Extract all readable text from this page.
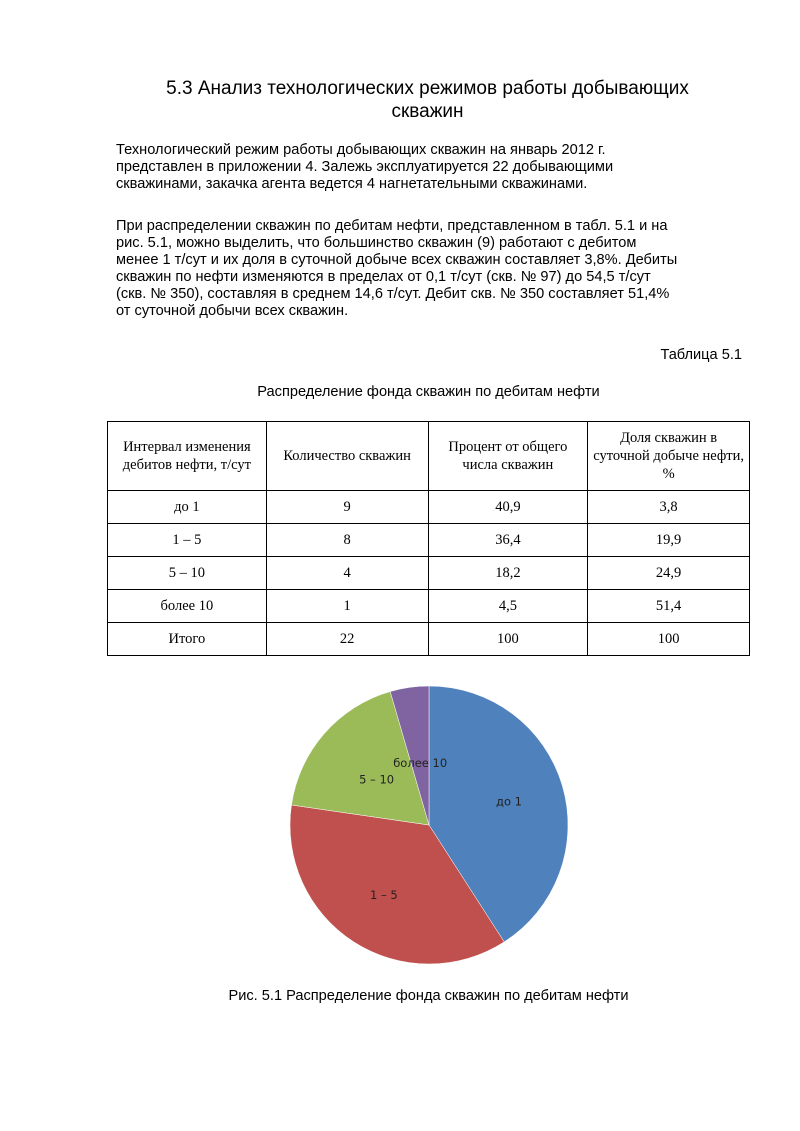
5.3 Анализ технологических режимов работы добывающих скважин
Технологический режим работы добывающих скважин на январь 2012 г.
представлен в приложении 4. Залежь эксплуатируется 22 добывающими
скважинами, закачка агента ведется 4 нагнетательными скважинами.
При распределении скважин по дебитам нефти, представленном в табл. 5.1 и на
рис. 5.1, можно выделить, что большинство скважин (9) работают с дебитом
менее 1 т/сут и их доля в суточной добыче всех скважин составляет 3,8%. Дебиты
скважин по нефти изменяются в пределах от 0,1 т/сут (скв. № 97) до 54,5 т/сут
(скв. № 350), составляя в среднем 14,6 т/сут. Дебит скв. № 350 составляет 51,4%
от суточной добычи всех скважин.
Таблица 5.1
Распределение фонда скважин по дебитам нефти
Интервал изменения дебитов нефти, т/сут	Количество скважин	Процент от общего числа скважин	Доля скважин в суточной добыче нефти, %
до 1	9	40,9	3,8
1 – 5	8	36,4	19,9
5 – 10	4	18,2	24,9
более 10	1	4,5	51,4
Итого	22	100	100
до 1
1 – 5
5 – 10
более 10
Рис. 5.1 Распределение фонда скважин по дебитам нефти
